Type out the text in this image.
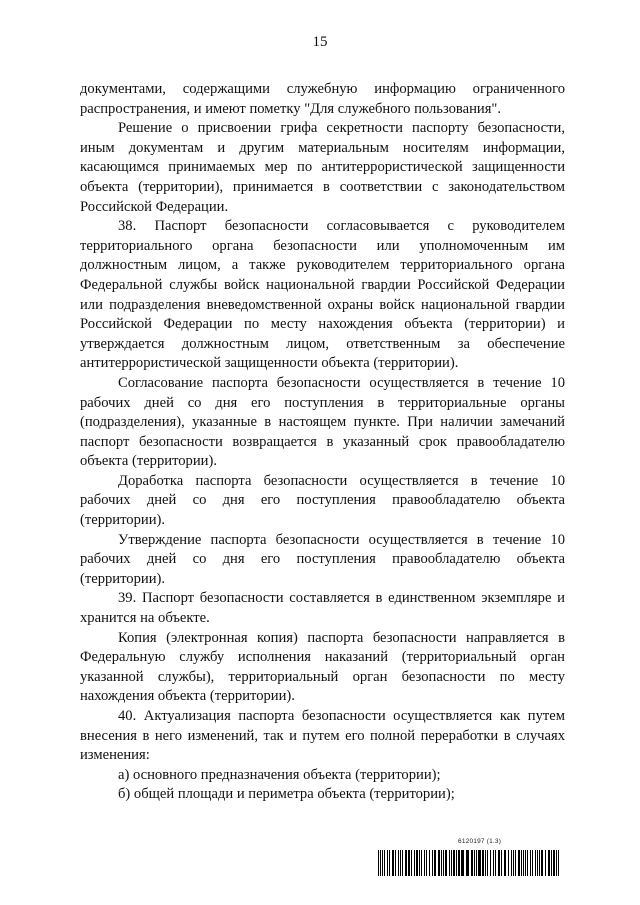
15

документами, содержащими служебную информацию ограниченного распространения, и имеют пометку "Для служебного пользования".

Решение о присвоении грифа секретности паспорту безопасности, иным документам и другим материальным носителям информации, касающимся принимаемых мер по антитеррористической защищенности объекта (территории), принимается в соответствии с законодательством Российской Федерации.

38. Паспорт безопасности согласовывается с руководителем территориального органа безопасности или уполномоченным им должностным лицом, а также руководителем территориального органа Федеральной службы войск национальной гвардии Российской Федерации или подразделения вневедомственной охраны войск национальной гвардии Российской Федерации по месту нахождения объекта (территории) и утверждается должностным лицом, ответственным за обеспечение антитеррористической защищенности объекта (территории).

Согласование паспорта безопасности осуществляется в течение 10 рабочих дней со дня его поступления в территориальные органы (подразделения), указанные в настоящем пункте. При наличии замечаний паспорт безопасности возвращается в указанный срок правообладателю объекта (территории).

Доработка паспорта безопасности осуществляется в течение 10 рабочих дней со дня его поступления правообладателю объекта (территории).

Утверждение паспорта безопасности осуществляется в течение 10 рабочих дней со дня его поступления правообладателю объекта (территории).

39. Паспорт безопасности составляется в единственном экземпляре и хранится на объекте.

Копия (электронная копия) паспорта безопасности направляется в Федеральную службу исполнения наказаний (территориальный орган указанной службы), территориальный орган безопасности по месту нахождения объекта (территории).

40. Актуализация паспорта безопасности осуществляется как путем внесения в него изменений, так и путем его полной переработки в случаях изменения:

а) основного предназначения объекта (территории);

б) общей площади и периметра объекта (территории);

6120197 (1.3)
